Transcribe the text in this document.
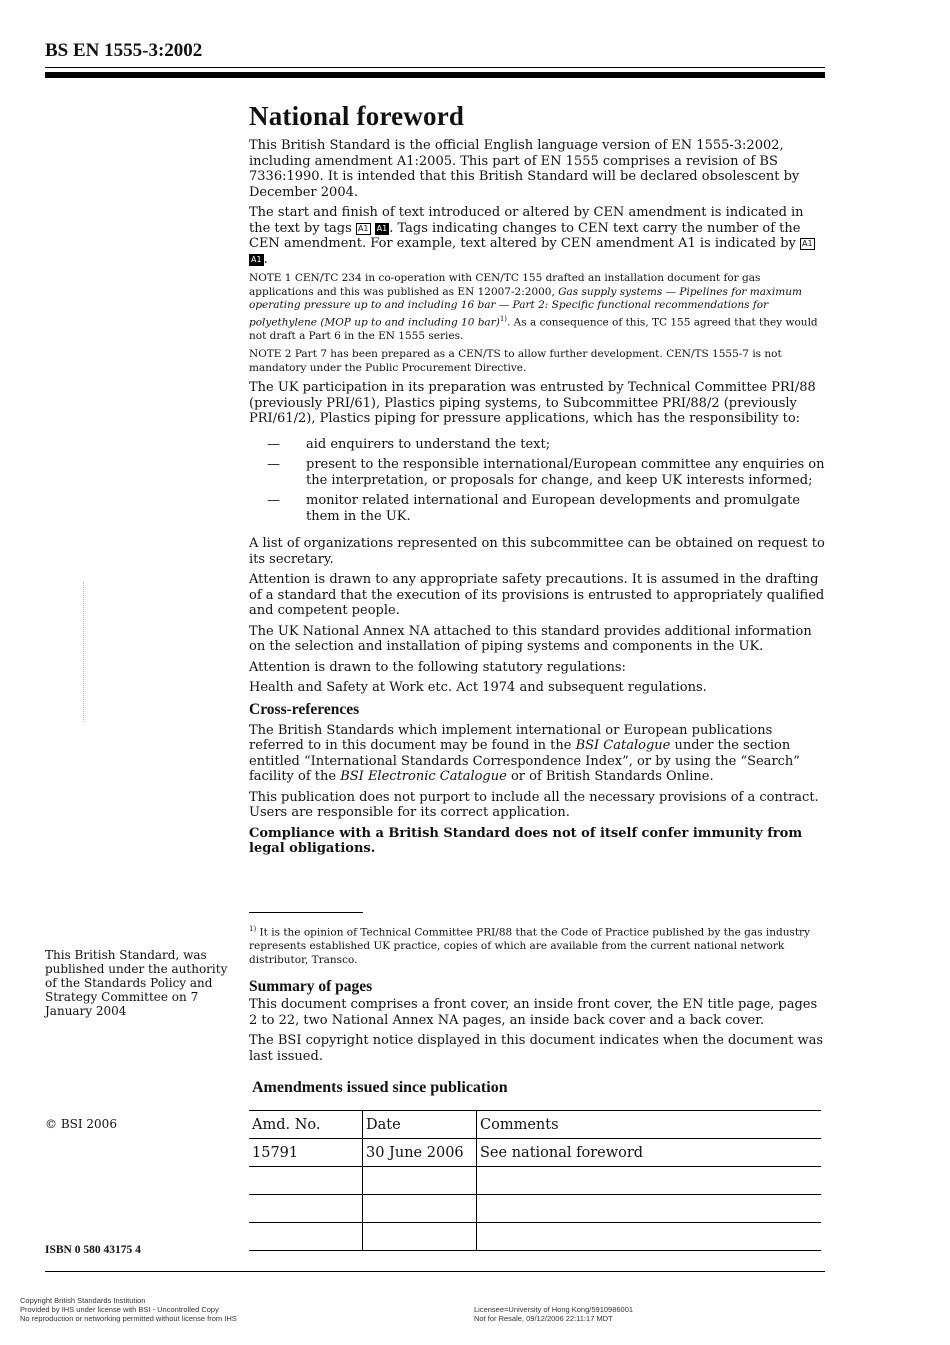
BS EN 1555-3:2002
National foreword

This British Standard is the official English language version of EN 1555-3:2002, including amendment A1:2005. This part of EN 1555 comprises a revision of BS 7336:1990. It is intended that this British Standard will be declared obsolescent by December 2004.

The start and finish of text introduced or altered by CEN amendment is indicated in the text by tags A1 A1 . Tags indicating changes to CEN text carry the number of the CEN amendment. For example, text altered by CEN amendment A1 is indicated by A1 A1 .

NOTE 1 CEN/TC 234 in co-operation with CEN/TC 155 drafted an installation document for gas applications and this was published as EN 12007-2:2000, Gas supply systems — Pipelines for maximum operating pressure up to and including 16 bar — Part 2: Specific functional recommendations for polyethylene (MOP up to and including 10 bar)$^{1)}$. As a consequence of this, TC 155 agreed that they would not draft a Part 6 in the EN 1555 series.

NOTE 2 Part 7 has been prepared as a CEN/TS to allow further development. CEN/TS 1555-7 is not mandatory under the Public Procurement Directive.

The UK participation in its preparation was entrusted by Technical Committee PRI/88 (previously PRI/61), Plastics piping systems, to Subcommittee PRI/88/2 (previously PRI/61/2), Plastics piping for pressure applications, which has the responsibility to:

— aid enquirers to understand the text;
— present to the responsible international/European committee any enquiries on the interpretation, or proposals for change, and keep UK interests informed;
— monitor related international and European developments and promulgate them in the UK.

A list of organizations represented on this subcommittee can be obtained on request to its secretary.

Attention is drawn to any appropriate safety precautions. It is assumed in the drafting of a standard that the execution of its provisions is entrusted to appropriately qualified and competent people.

The UK National Annex NA attached to this standard provides additional information on the selection and installation of piping systems and components in the UK.

Attention is drawn to the following statutory regulations:

Health and Safety at Work etc. Act 1974 and subsequent regulations.

Cross-references

The British Standards which implement international or European publications referred to in this document may be found in the BSI Catalogue under the section entitled “International Standards Correspondence Index”, or by using the “Search” facility of the BSI Electronic Catalogue or of British Standards Online.

This publication does not purport to include all the necessary provisions of a contract. Users are responsible for its correct application.

Compliance with a British Standard does not of itself confer immunity from legal obligations.

$^{1)}$ It is the opinion of Technical Committee PRI/88 that the Code of Practice published by the gas industry represents established UK practice, copies of which are available from the current national network distributor, Transco.
Summary of pages

This document comprises a front cover, an inside front cover, the EN title page, pages 2 to 22, two National Annex NA pages, an inside back cover and a back cover.

The BSI copyright notice displayed in this document indicates when the document was last issued.

Amendments issued since publication
Amd. No.	Date	Comments
15791	30 June 2006	See national foreword

This British Standard, was published under the authority of the Standards Policy and Strategy Committee on 7 January 2004
© BSI 2006
ISBN 0 580 43175 4
Copyright British Standards Institution
Provided by IHS under license with BSI - Uncontrolled Copy
No reproduction or networking permitted without license from IHS
Licensee=University of Hong Kong/5910986001
Not for Resale, 09/12/2006 22:11:17 MDT
